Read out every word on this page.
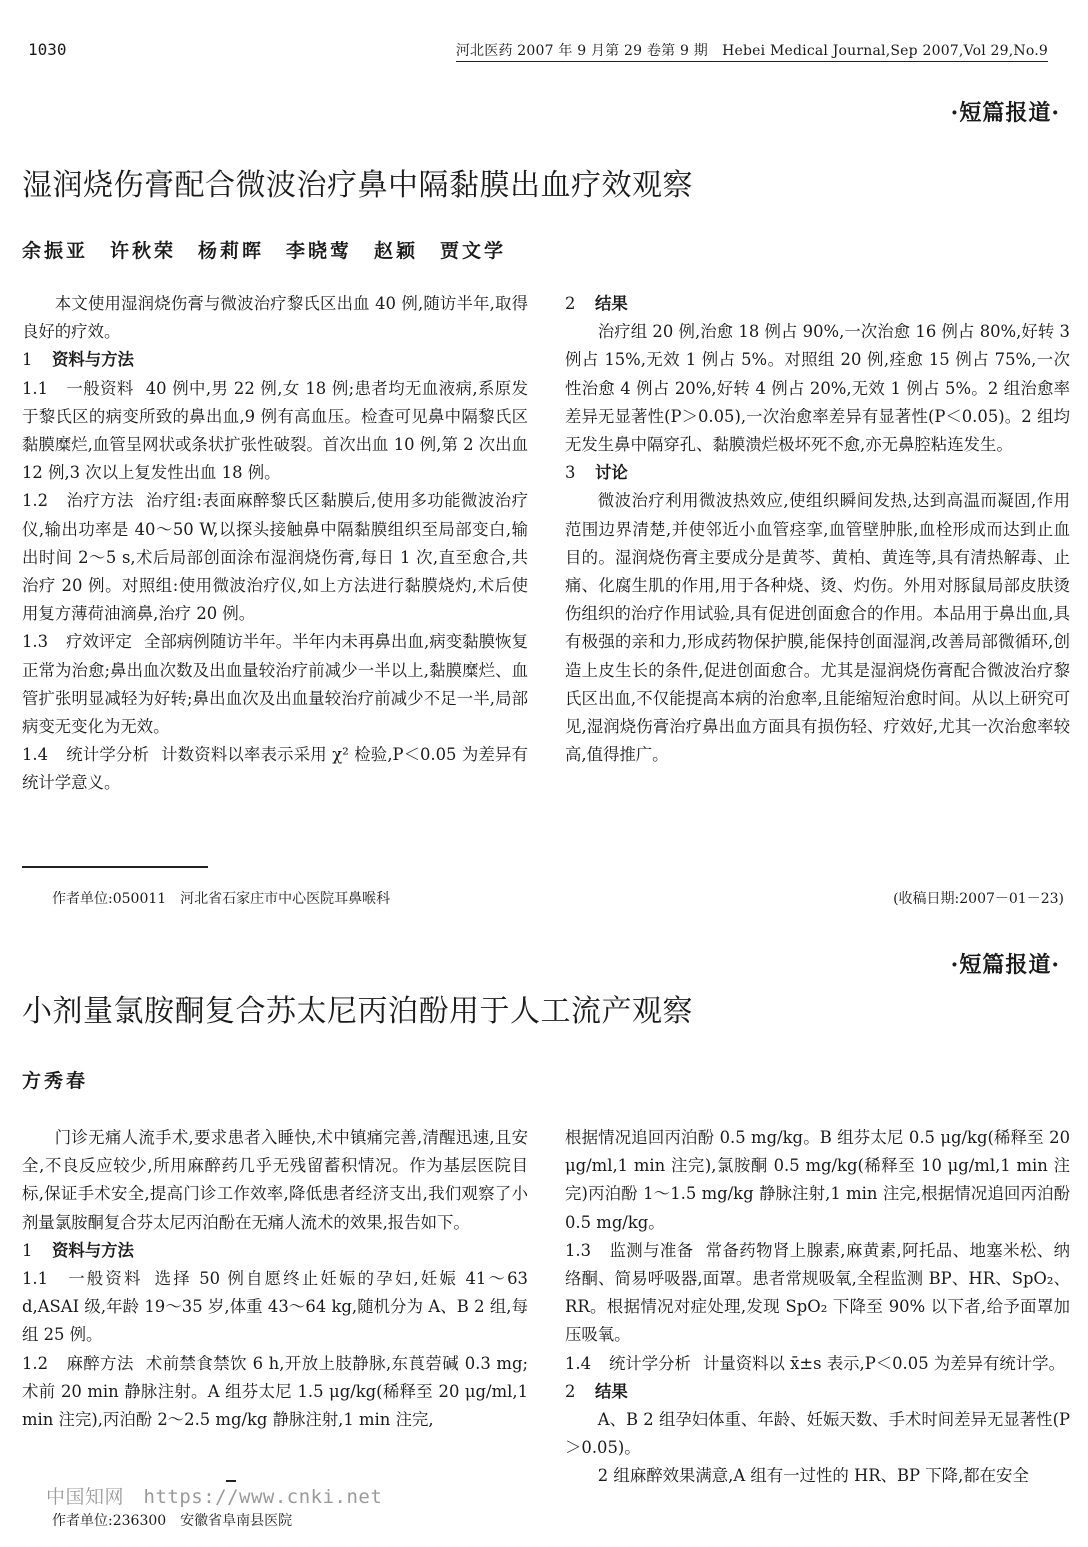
1030	河北医药 2007 年 9 月第 29 卷第 9 期　Hebei Medical Journal,Sep 2007,Vol 29,No.9
·短篇报道·
湿润烧伤膏配合微波治疗鼻中隔黏膜出血疗效观察
余振亚　许秋荣　杨莉晖　李晓莺　赵颖　贾文学

本文使用湿润烧伤膏与微波治疗黎氏区出血 40 例,随访半年,取得良好的疗效。

1 资料与方法

1.1 一般资料 40 例中,男 22 例,女 18 例;患者均无血液病,系原发于黎氏区的病变所致的鼻出血,9 例有高血压。检查可见鼻中隔黎氏区黏膜糜烂,血管呈网状或条状扩张性破裂。首次出血 10 例,第 2 次出血 12 例,3 次以上复发性出血 18 例。

1.2 治疗方法 治疗组:表面麻醉黎氏区黏膜后,使用多功能微波治疗仪,输出功率是 40～50 W,以探头接触鼻中隔黏膜组织至局部变白,输出时间 2～5 s,术后局部创面涂布湿润烧伤膏,每日 1 次,直至愈合,共治疗 20 例。对照组:使用微波治疗仪,如上方法进行黏膜烧灼,术后使用复方薄荷油滴鼻,治疗 20 例。

1.3 疗效评定 全部病例随访半年。半年内未再鼻出血,病变黏膜恢复正常为治愈;鼻出血次数及出血量较治疗前减少一半以上,黏膜糜烂、血管扩张明显减轻为好转;鼻出血次及出血量较治疗前减少不足一半,局部病变无变化为无效。

1.4 统计学分析 计数资料以率表示采用 χ² 检验,P＜0.05 为差异有统计学意义。

2 结果

治疗组 20 例,治愈 18 例占 90%,一次治愈 16 例占 80%,好转 3 例占 15%,无效 1 例占 5%。对照组 20 例,痊愈 15 例占 75%,一次性治愈 4 例占 20%,好转 4 例占 20%,无效 1 例占 5%。2 组治愈率差异无显著性(P＞0.05),一次治愈率差异有显著性(P＜0.05)。2 组均无发生鼻中隔穿孔、黏膜溃烂极坏死不愈,亦无鼻腔粘连发生。

3 讨论

微波治疗利用微波热效应,使组织瞬间发热,达到高温而凝固,作用范围边界清楚,并使邻近小血管痉挛,血管壁肿胀,血栓形成而达到止血目的。湿润烧伤膏主要成分是黄芩、黄柏、黄连等,具有清热解毒、止痛、化腐生肌的作用,用于各种烧、烫、灼伤。外用对豚鼠局部皮肤烫伤组织的治疗作用试验,具有促进创面愈合的作用。本品用于鼻出血,具有极强的亲和力,形成药物保护膜,能保持创面湿润,改善局部微循环,创造上皮生长的条件,促进创面愈合。尤其是湿润烧伤膏配合微波治疗黎氏区出血,不仅能提高本病的治愈率,且能缩短治愈时间。从以上研究可见,湿润烧伤膏治疗鼻出血方面具有损伤轻、疗效好,尤其一次治愈率较高,值得推广。

作者单位:050011　河北省石家庄市中心医院耳鼻喉科	(收稿日期:2007－01－23)
·短篇报道·
小剂量氯胺酮复合苏太尼丙泊酚用于人工流产观察
方秀春

门诊无痛人流手术,要求患者入睡快,术中镇痛完善,清醒迅速,且安全,不良反应较少,所用麻醉药几乎无残留蓄积情况。作为基层医院目标,保证手术安全,提高门诊工作效率,降低患者经济支出,我们观察了小剂量氯胺酮复合芬太尼丙泊酚在无痛人流术的效果,报告如下。

1 资料与方法

1.1 一般资料 选择 50 例自愿终止妊娠的孕妇,妊娠 41～63 d,ASAI 级,年龄 19～35 岁,体重 43～64 kg,随机分为 A、B 2 组,每组 25 例。

1.2 麻醉方法 术前禁食禁饮 6 h,开放上肢静脉,东莨菪碱 0.3 mg;术前 20 min 静脉注射。A 组芬太尼 1.5 μg/kg(稀释至 20 μg/ml,1 min 注完),丙泊酚 2～2.5 mg/kg 静脉注射,1 min 注完,

根据情况追回丙泊酚 0.5 mg/kg。B 组芬太尼 0.5 μg/kg(稀释至 20 μg/ml,1 min 注完),氯胺酮 0.5 mg/kg(稀释至 10 μg/ml,1 min 注完)丙泊酚 1～1.5 mg/kg 静脉注射,1 min 注完,根据情况追回丙泊酚 0.5 mg/kg。

1.3 监测与准备 常备药物肾上腺素,麻黄素,阿托品、地塞米松、纳络酮、简易呼吸器,面罩。患者常规吸氧,全程监测 BP、HR、SpO₂、RR。根据情况对症处理,发现 SpO₂ 下降至 90% 以下者,给予面罩加压吸氧。

1.4 统计学分析 计量资料以 x̄±s 表示,P＜0.05 为差异有统计学。

2 结果

A、B 2 组孕妇体重、年龄、妊娠天数、手术时间差异无显著性(P＞0.05)。

2 组麻醉效果满意,A 组有一过性的 HR、BP 下降,都在安全

中国知网　https://www.cnki.net
作者单位:236300　安徽省阜南县医院
